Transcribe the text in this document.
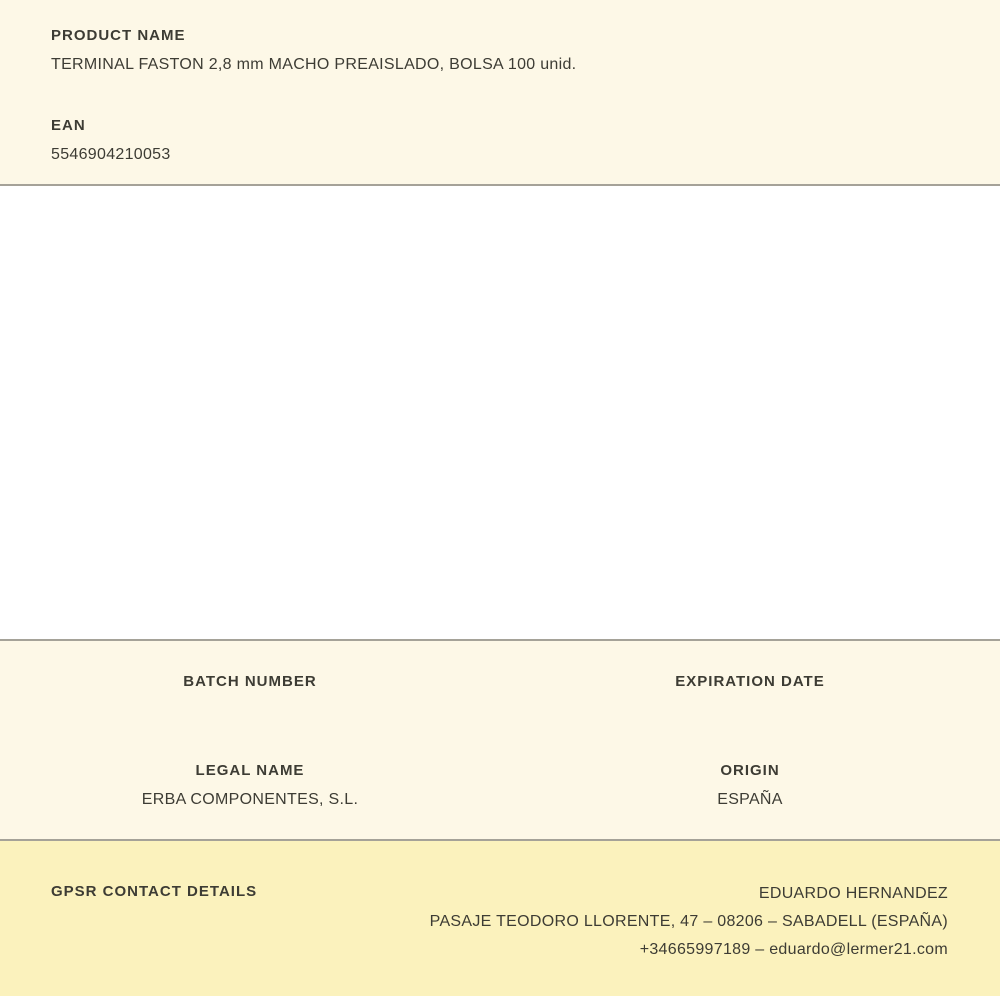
PRODUCT NAME
TERMINAL FASTON 2,8 mm MACHO PREAISLADO, BOLSA 100 unid.
EAN
5546904210053
BATCH NUMBER	EXPIRATION DATE
LEGAL NAME
ERBA COMPONENTES, S.L.
ORIGIN
ESPAÑA
GPSR CONTACT DETAILS	EDUARDO HERNANDEZ
PASAJE TEODORO LLORENTE, 47 – 08206 – SABADELL (ESPAÑA)
+34665997189 – eduardo@lermer21.com
